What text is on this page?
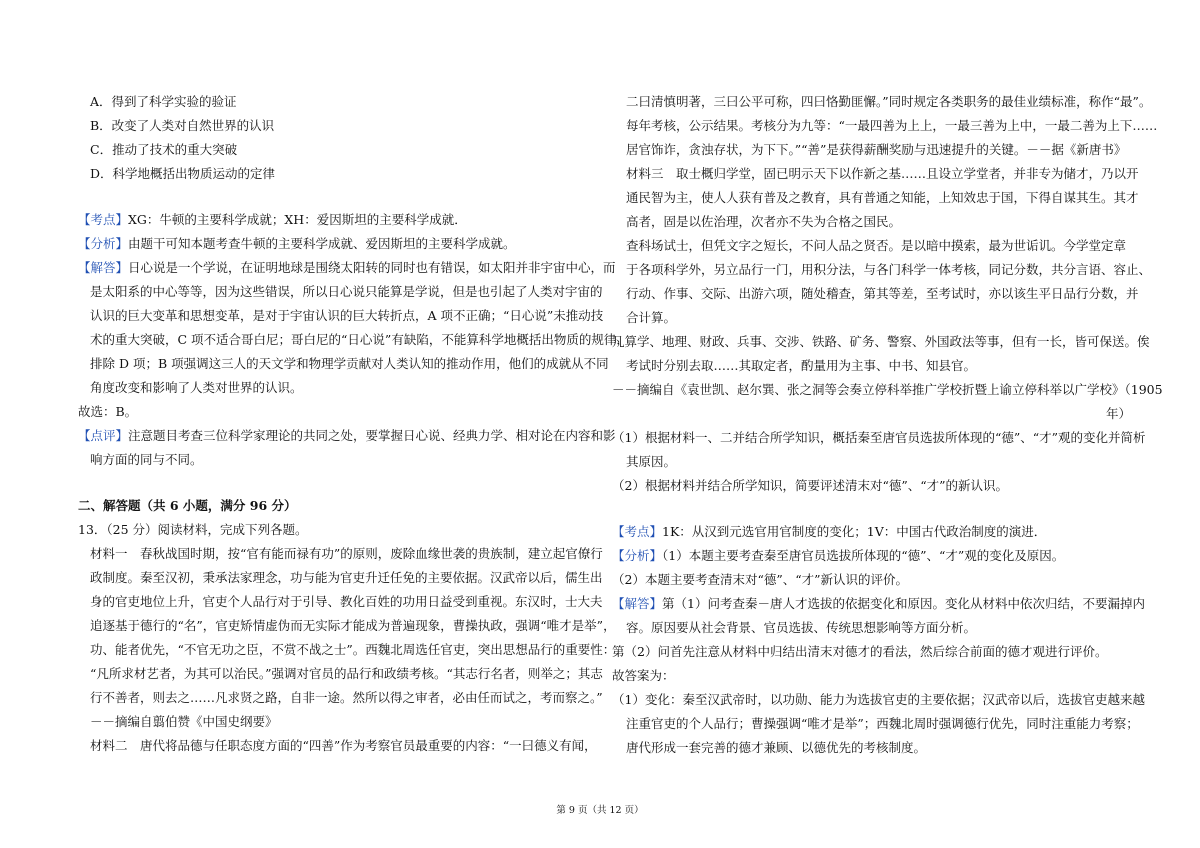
A．得到了科学实验的验证
B．改变了人类对自然世界的认识
C．推动了技术的重大突破
D．科学地概括出物质运动的定律
【考点】XG：牛顿的主要科学成就；XH：爱因斯坦的主要科学成就．
【分析】由题干可知本题考查牛顿的主要科学成就、爱因斯坦的主要科学成就。
【解答】日心说是一个学说，在证明地球是围绕太阳转的同时也有错误，如太阳并非宇宙中心，而
是太阳系的中心等等，因为这些错误，所以日心说只能算是学说，但是也引起了人类对宇宙的
认识的巨大变革和思想变革，是对于宇宙认识的巨大转折点，A 项不正确；“日心说”未推动技
术的重大突破，C 项不适合哥白尼；哥白尼的“日心说”有缺陷，不能算科学地概括出物质的规律，
排除 D 项；B 项强调这三人的天文学和物理学贡献对人类认知的推动作用，他们的成就从不同
角度改变和影响了人类对世界的认识。
故选：B。
【点评】注意题目考查三位科学家理论的共同之处，要掌握日心说、经典力学、相对论在内容和影
响方面的同与不同。
二、解答题（共 6 小题，满分 96 分）
13．（25 分）阅读材料，完成下列各题。
材料一　春秋战国时期，按“官有能而禄有功”的原则，废除血缘世袭的贵族制，建立起官僚行
政制度。秦至汉初，秉承法家理念，功与能为官吏升迁任免的主要依据。汉武帝以后，儒生出
身的官吏地位上升，官吏个人品行对于引导、教化百姓的功用日益受到重视。东汉时，士大夫
追逐基于德行的“名”，官吏矫情虚伪而无实际才能成为普遍现象，曹操执政，强调“唯才是举”，
功、能者优先，“不官无功之臣，不赏不战之士”。西魏北周选任官吏，突出思想品行的重要性：
“凡所求材艺者，为其可以治民。”强调对官员的品行和政绩考核。“其志行名者，则举之；其志
行不善者，则去之……凡求贤之路，自非一途。然所以得之审者，必由任而试之，考而察之。”
－－摘编自翦伯赞《中国史纲要》
材料二　唐代将品德与任职态度方面的“四善”作为考察官员最重要的内容：“一曰德义有闻，
二曰清慎明著，三曰公平可称，四曰恪勤匪懈。”同时规定各类职务的最佳业绩标准，称作“最”。
每年考核，公示结果。考核分为九等：“一最四善为上上，一最三善为上中，一最二善为上下……
居官饰诈，贪浊存状，为下下。”“善”是获得薪酬奖励与迅速提升的关键。－－据《新唐书》
材料三　取士概归学堂，固已明示天下以作新之基……且设立学堂者，并非专为储才，乃以开
通民智为主，使人人获有普及之教育，具有普通之知能，上知效忠于国，下得自谋其生。其才
高者，固是以佐治理，次者亦不失为合格之国民。
查科场试士，但凭文字之短长，不问人品之贤否。是以暗中摸索，最为世诟讥。今学堂定章
于各项科学外，另立品行一门，用积分法，与各门科学一体考核，同记分数，共分言语、容止、
行动、作事、交际、出游六项，随处稽查，第其等差，至考试时，亦以该生平日品行分数，并
合计算。
凡算学、地理、财政、兵事、交涉、铁路、矿务、警察、外国政法等事，但有一长，皆可保送。俟
考试时分别去取……其取定者，酌量用为主事、中书、知县官。
－－摘编自《袁世凯、赵尔巽、张之洞等会奏立停科举推广学校折暨上谕立停科举以广学校》（1905
年）
（1）根据材料一、二并结合所学知识，概括秦至唐官员选拔所体现的“德”、“才”观的变化并简析
其原因。
（2）根据材料并结合所学知识，简要评述清末对“德”、“才”的新认识。
【考点】1K：从汉到元选官用官制度的变化；1V：中国古代政治制度的演进．
【分析】（1）本题主要考查秦至唐官员选拔所体现的“德”、“才”观的变化及原因。
（2）本题主要考查清末对“德”、“才”新认识的评价。
【解答】第（1）问考查秦－唐人才选拔的依据变化和原因。变化从材料中依次归结，不要漏掉内
容。原因要从社会背景、官员选拔、传统思想影响等方面分析。
第（2）问首先注意从材料中归结出清末对德才的看法，然后综合前面的德才观进行评价。
故答案为：
（1）变化：秦至汉武帝时，以功勋、能力为选拔官吏的主要依据；汉武帝以后，选拔官吏越来越
注重官吏的个人品行；曹操强调“唯才是举”；西魏北周时强调德行优先，同时注重能力考察；
唐代形成一套完善的德才兼顾、以德优先的考核制度。
第 9 页（共 12 页）
